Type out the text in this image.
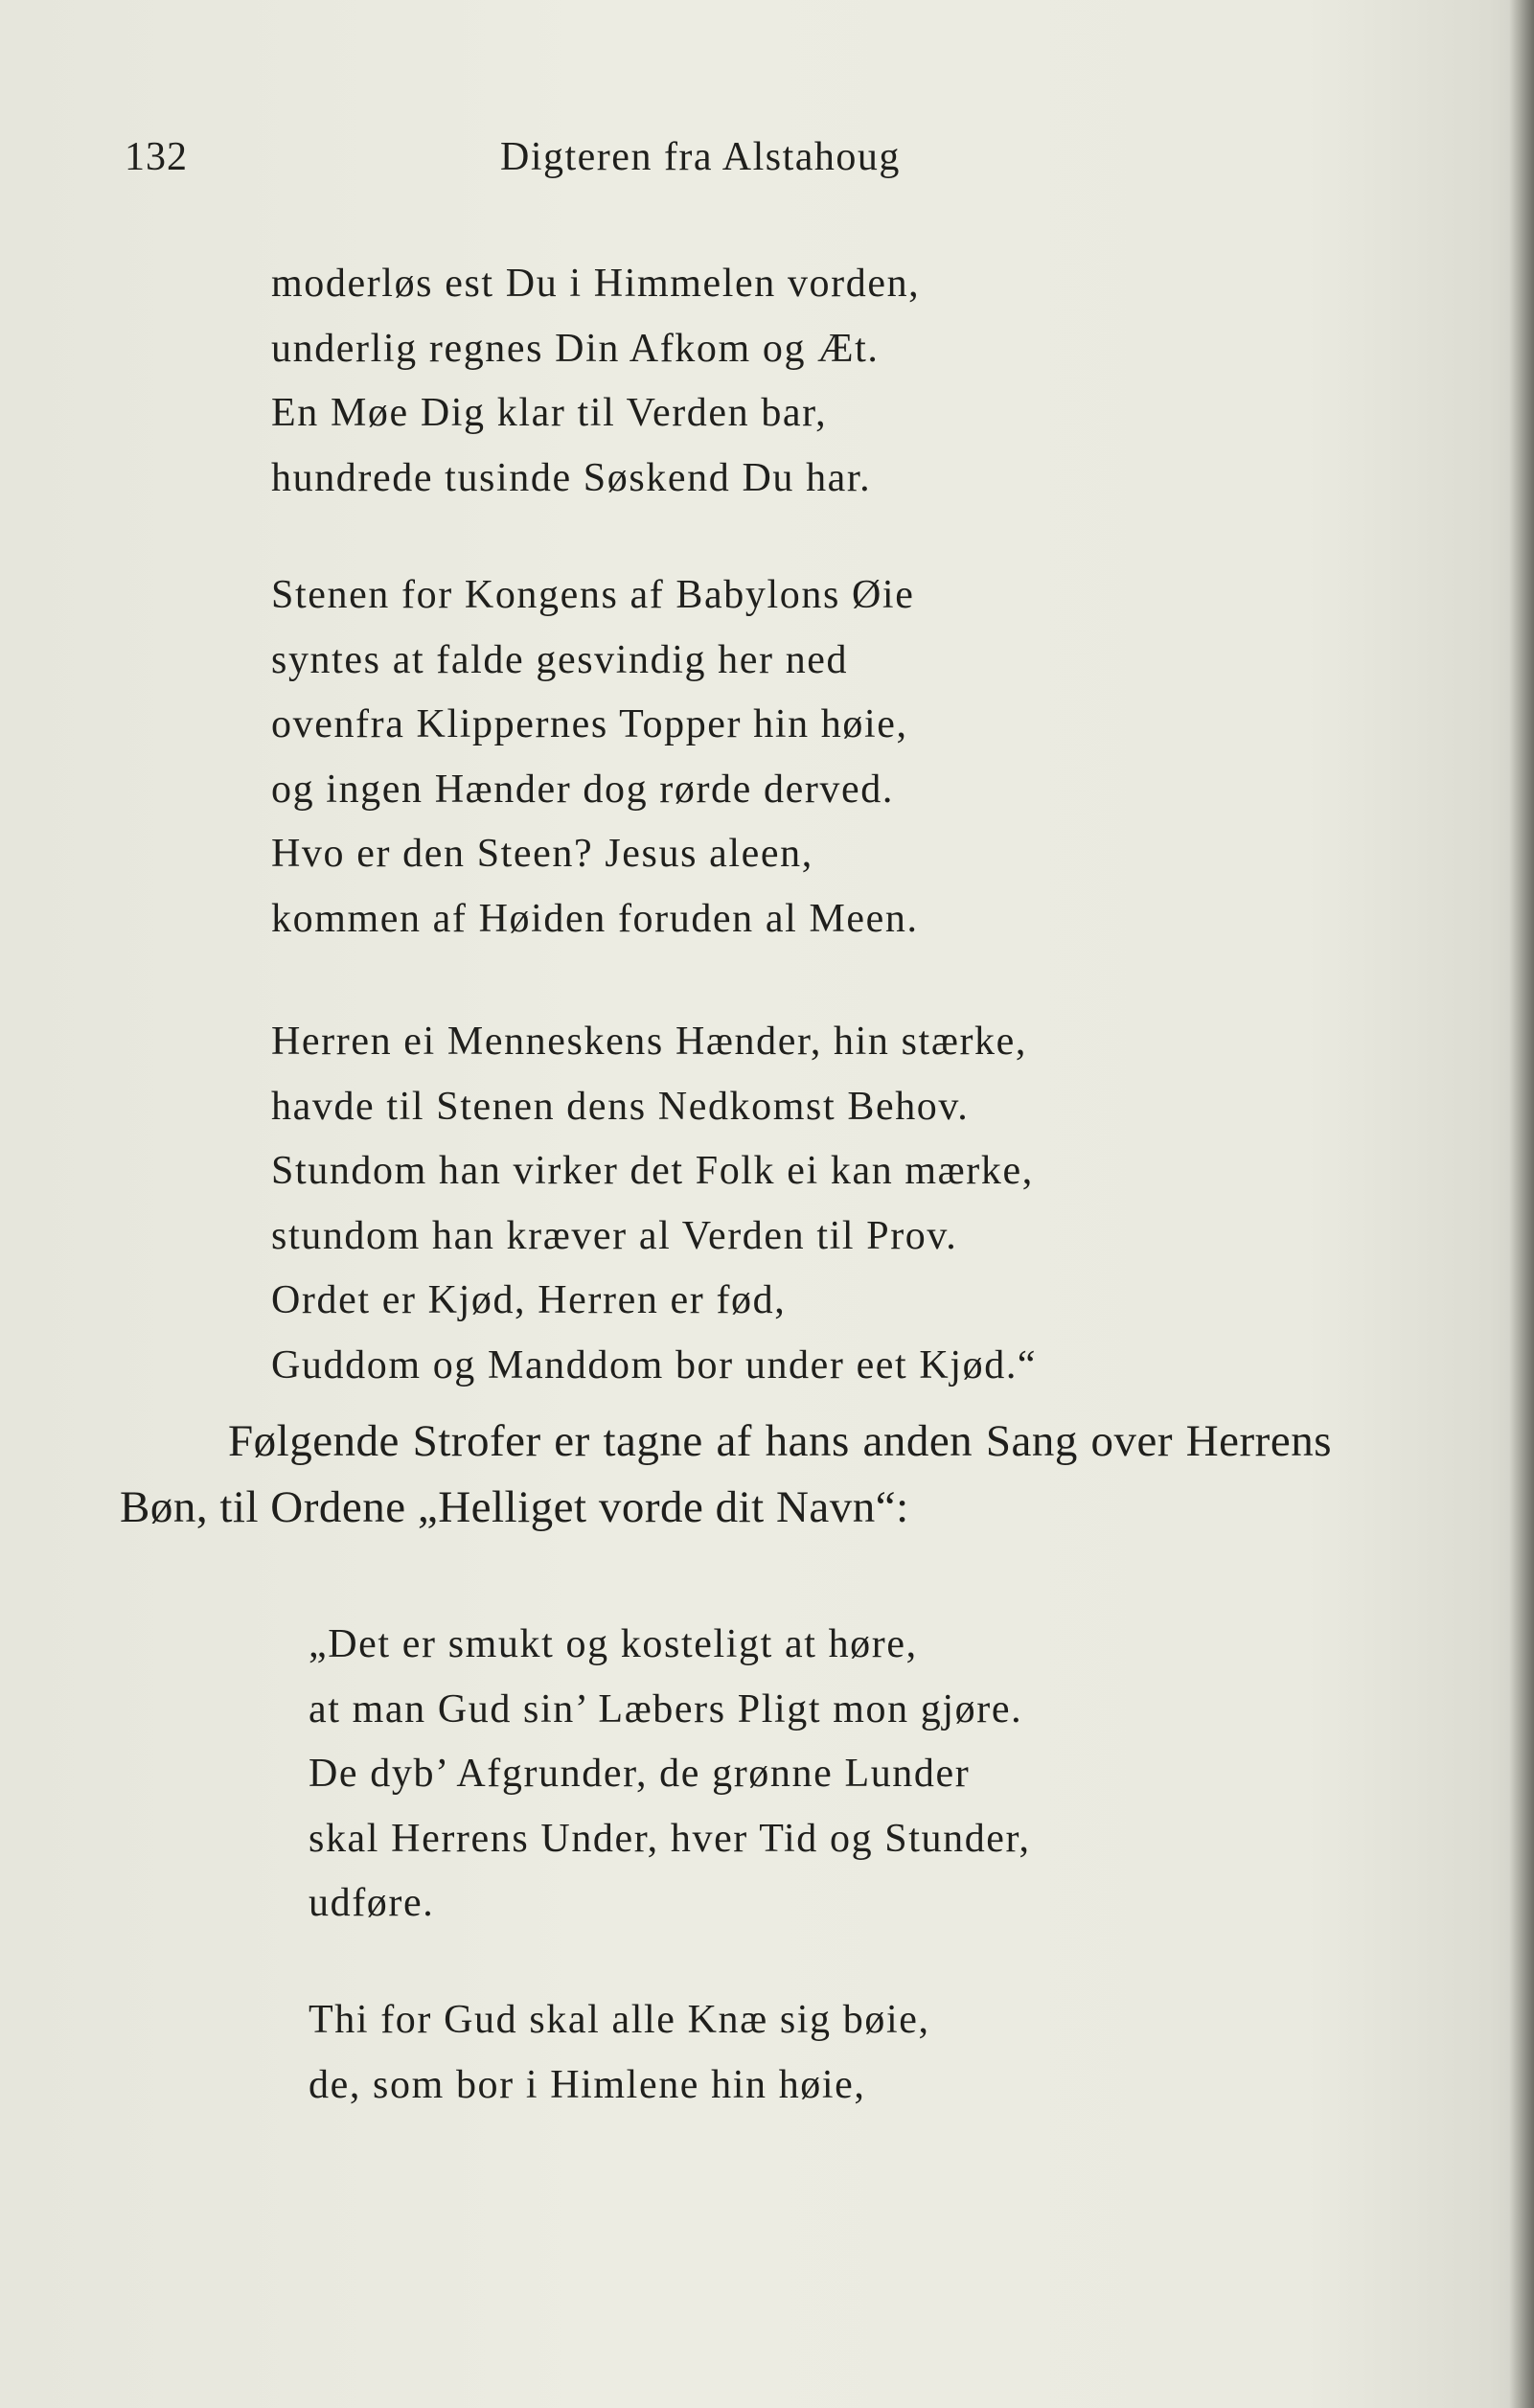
132	Digteren fra Alstahoug
moderløs est Du i Himmelen vorden,
underlig regnes Din Afkom og Æt.
En Møe Dig klar til Verden bar,
hundrede tusinde Søskend Du har.
Stenen for Kongens af Babylons Øie
syntes at falde gesvindig her ned
ovenfra Klippernes Topper hin høie,
og ingen Hænder dog rørde derved.
Hvo er den Steen? Jesus aleen,
kommen af Høiden foruden al Meen.
Herren ei Menneskens Hænder, hin stærke,
havde til Stenen dens Nedkomst Behov.
Stundom han virker det Folk ei kan mærke,
stundom han kræver al Verden til Prov.
Ordet er Kjød, Herren er fød,
Guddom og Manddom bor under eet Kjød.“

Følgende Strofer er tagne af hans anden Sang over Herrens Bøn, til Ordene „Helliget vorde dit Navn“:

„Det er smukt og kosteligt at høre,
at man Gud sin’ Læbers Pligt mon gjøre.
De dyb’ Afgrunder, de grønne Lunder
skal Herrens Under, hver Tid og Stunder,
udføre.
Thi for Gud skal alle Knæ sig bøie,
de, som bor i Himlene hin høie,
